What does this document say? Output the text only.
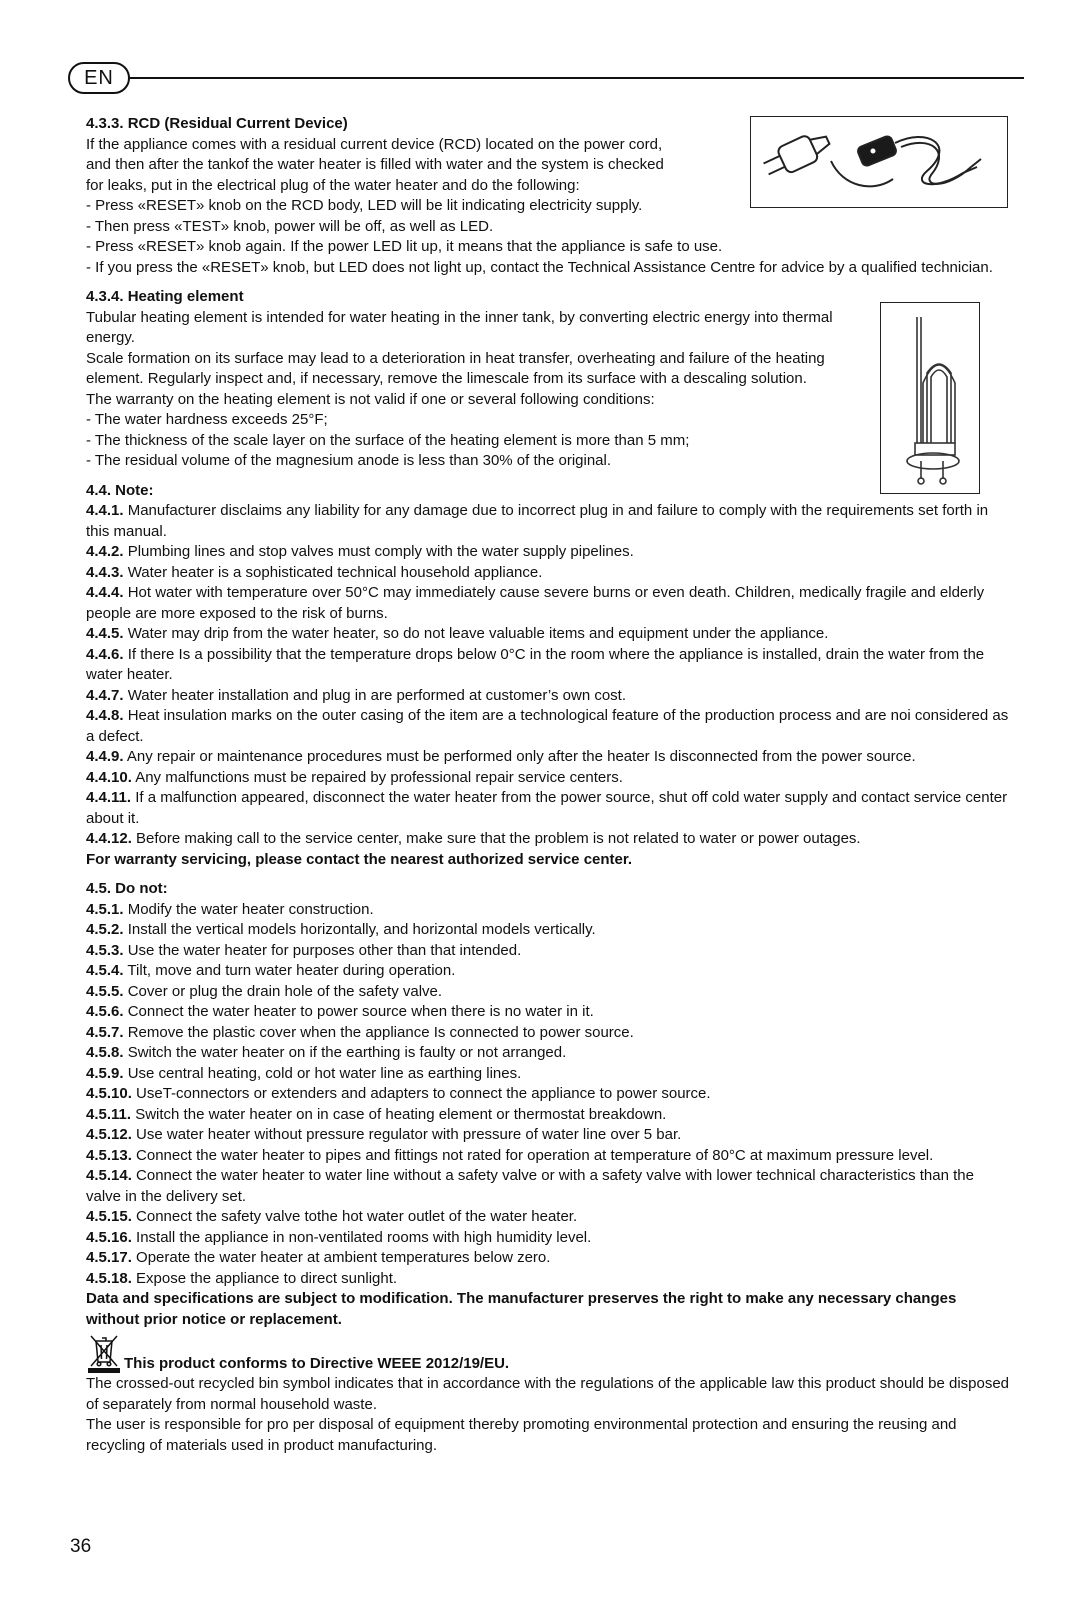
EN

4.3.3. RCD (Residual Current Device)

If the appliance comes with a residual current device (RCD) located on the power cord,

and then after the tankof the water heater is filled with water and the system is checked

for leaks, put in the electrical plug of the water heater and do the following:

- Press «RESET» knob on the RCD body, LED will be lit indicating electricity supply.

- Then press «TEST» knob, power will be off, as well as LED.

- Press «RESET» knob again. If the power LED lit up, it means that the appliance is safe to use.

- If you press the «RESET» knob, but LED does not light up, contact the Technical Assistance Centre for advice by a qualified technician.

4.3.4. Heating element

Tubular heating element is intended for water heating in the inner tank, by converting electric energy into thermal energy.

Scale formation on its surface may lead to a deterioration in heat transfer, overheating and failure of the heating element. Regularly inspect and, if necessary, remove the limescale from its surface with a descaling solution.

The warranty on the heating element is not valid if one or several following conditions:

- The water hardness exceeds 25°F;

- The thickness of the scale layer on the surface of the heating element is more than 5 mm;

- The residual volume of the magnesium anode is less than 30% of the original.

4.4. Note:

4.4.1. Manufacturer disclaims any liability for any damage due to incorrect plug in and failure to comply with the requirements set forth in this manual.

4.4.2. Plumbing lines and stop valves must comply with the water supply pipelines.

4.4.3. Water heater is a sophisticated technical household appliance.

4.4.4. Hot water with temperature over 50°C may immediately cause severe burns or even death. Children, medically fragile and elderly people are more exposed to the risk of burns.

4.4.5. Water may drip from the water heater, so do not leave valuable items and equipment under the appliance.

4.4.6. If there Is a possibility that the temperature drops below 0°C in the room where the appliance is installed, drain the water from the water heater.

4.4.7. Water heater installation and plug in are performed at customer’s own cost.

4.4.8. Heat insulation marks on the outer casing of the item are a technological feature of the production process and are noi considered as a defect.

4.4.9. Any repair or maintenance procedures must be performed only after the heater Is disconnected from the power source.

4.4.10. Any malfunctions must be repaired by professional repair service centers.

4.4.11. If a malfunction appeared, disconnect the water heater from the power source, shut off cold water supply and contact service center about it.

4.4.12. Before making call to the service center, make sure that the problem is not related to water or power outages.

For warranty servicing, please contact the nearest authorized service center.

4.5. Do not:

4.5.1. Modify the water heater construction.

4.5.2. Install the vertical models horizontally, and horizontal models vertically.

4.5.3. Use the water heater for purposes other than that intended.

4.5.4. Tilt, move and turn water heater during operation.

4.5.5. Cover or plug the drain hole of the safety valve.

4.5.6. Connect the water heater to power source when there is no water in it.

4.5.7. Remove the plastic cover when the appliance Is connected to power source.

4.5.8. Switch the water heater on if the earthing is faulty or not arranged.

4.5.9. Use central heating, cold or hot water line as earthing lines.

4.5.10. UseT-connectors or extenders and adapters to connect the appliance to power source.

4.5.11. Switch the water heater on in case of heating element or thermostat breakdown.

4.5.12. Use water heater without pressure regulator with pressure of water line over 5 bar.

4.5.13. Connect the water heater to pipes and fittings not rated for operation at temperature of 80°C at maximum pressure level.

4.5.14. Connect the water heater to water line without a safety valve or with a safety valve with lower technical characteristics than the valve in the delivery set.

4.5.15. Connect the safety valve tothe hot water outlet of the water heater.

4.5.16. Install the appliance in non-ventilated rooms with high humidity level.

4.5.17. Operate the water heater at ambient temperatures below zero.

4.5.18. Expose the appliance to direct sunlight.

Data and specifications are subject to modification. The manufacturer preserves the right to make any necessary changes without prior notice or replacement.

This product conforms to Directive WEEE 2012/19/EU.

The crossed-out recycled bin symbol indicates that in accordance with the regulations of the applicable law this product should be disposed of separately from normal household waste.

The user is responsible for pro per disposal of equipment thereby promoting environmental protection and ensuring the reusing and recycling of materials used in product manufacturing.

36
